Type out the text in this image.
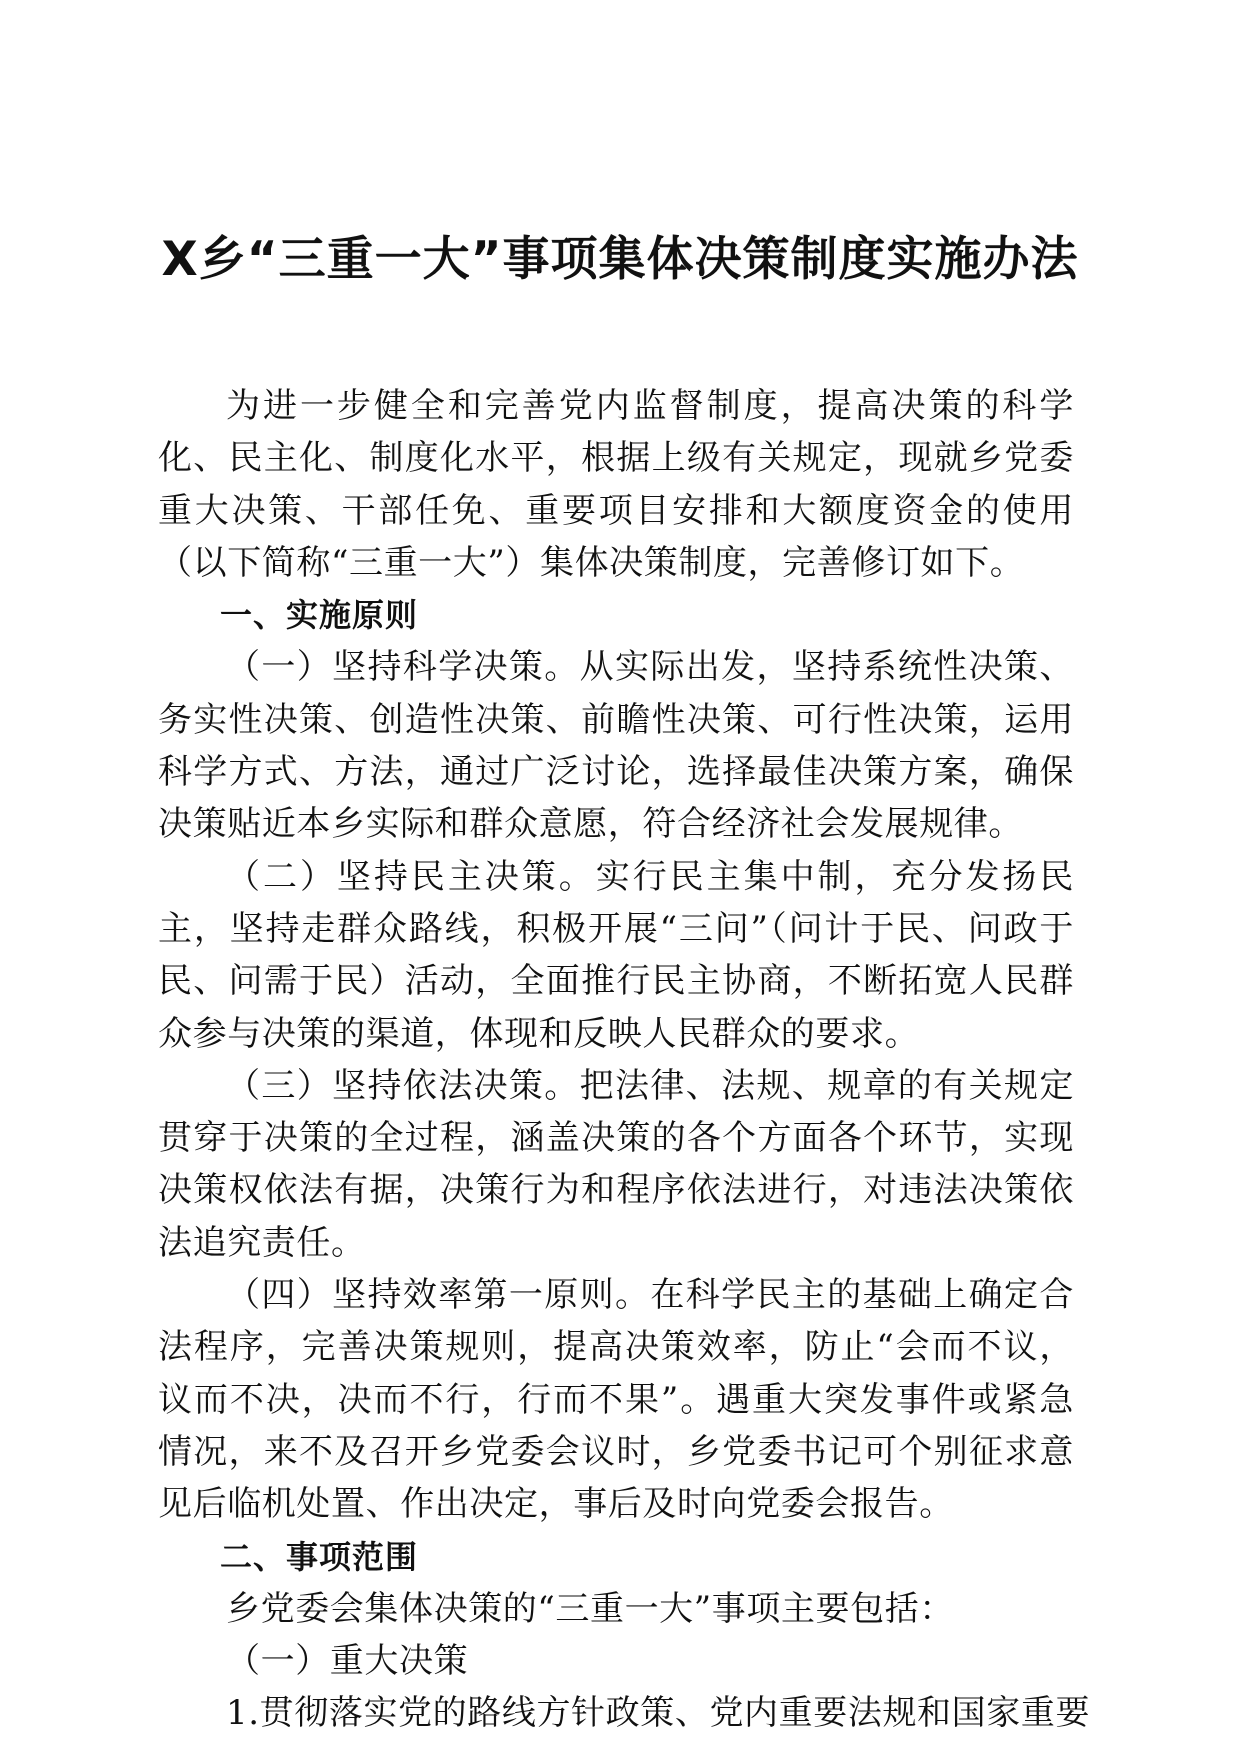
X乡“三重一大”事项集体决策制度实施办法

为进一步健全和完善党内监督制度，提高决策的科学化、民主化、制度化水平，根据上级有关规定，现就乡党委重大决策、干部任免、重要项目安排和大额度资金的使用（以下简称“三重一大”）集体决策制度，完善修订如下。

一、实施原则

（一）坚持科学决策。从实际出发，坚持系统性决策、务实性决策、创造性决策、前瞻性决策、可行性决策，运用科学方式、方法，通过广泛讨论，选择最佳决策方案，确保决策贴近本乡实际和群众意愿，符合经济社会发展规律。

（二）坚持民主决策。实行民主集中制，充分发扬民主，坚持走群众路线，积极开展“三问”（问计于民、问政于民、问需于民）活动，全面推行民主协商，不断拓宽人民群众参与决策的渠道，体现和反映人民群众的要求。

（三）坚持依法决策。把法律、法规、规章的有关规定贯穿于决策的全过程，涵盖决策的各个方面各个环节，实现决策权依法有据，决策行为和程序依法进行，对违法决策依法追究责任。

（四）坚持效率第一原则。在科学民主的基础上确定合法程序，完善决策规则，提高决策效率，防止“会而不议，议而不决，决而不行，行而不果”。遇重大突发事件或紧急情况，来不及召开乡党委会议时，乡党委书记可个别征求意见后临机处置、作出决定，事后及时向党委会报告。

二、事项范围

乡党委会集体决策的“三重一大”事项主要包括：

（一）重大决策

1.贯彻落实党的路线方针政策、党内重要法规和国家重要
